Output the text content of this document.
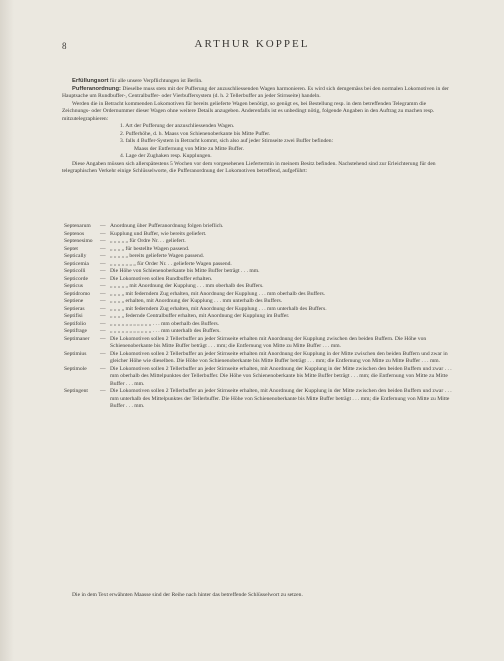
8	ARTHUR KOPPEL

Erfüllungsort für alle unsere Verpflichtungen ist Berlin.

Pufferanordnung: Dieselbe muss stets mit der Pufferung der anzuschliessenden Wagen harmonieren. Es wird sich demgemäss bei den normalen Lokomotiven in der Hauptsache um Rundbuffer-, Centralbuffer- oder Vierbuffersystem (d. h. 2 Tellerbuffer an jeder Stirnseite) handeln.

Werden die in Betracht kommenden Lokomotiven für bereits gelieferte Wagen benötigt, so genügt es, bei Bestellung resp. in dem betreffenden Telegramm die Zeichnungs- oder Ordernummer dieser Wagen ohne weitere Details anzugeben. Anderenfalls ist es unbedingt nötig, folgende Angaben in den Auftrag zu machen resp. mitzutelegraphieren:

1. Art der Pufferung der anzuschliessenden Wagen.

2. Pufferhöhe, d. h. Maass von Schienenoberkante bis Mitte Puffer.

3. falls 4 Buffer-System in Betracht kommt, sich also auf jeder Stirnseite zwei Buffer befinden:

Maass der Entfernung von Mitte zu Mitte Buffer.

4. Lage der Zughaken resp. Kupplungen.

Diese Angaben müssen sich allerspätestens 5 Wochen vor dem vorgesehenen Liefertermin in meinem Besitz befinden. Nachstehend sind zur Erleichterung für den telegraphischen Verkehr einige Schlüsselworte, die Pufferanordnung der Lokomotiven betreffend, aufgeführt:

Septenarum	— Anordnung über Pufferanordnung folgen brieflich.
Septenos	— Kupplung und Buffer, wie bereits geliefert.
Septenesimo	— „ „ „ „ „ für Ordre Nr. . . geliefert.
Septet	— „ „ „ „ für bestellte Wagen passend.
Septically	— „ „ „ „ „ bereits gelieferte Wagen passend.
Septicemia	— „ „ „ „ „ „ „ für Order Nr. . . gelieferte Wagen passend.
Septicolli	— Die Höhe von Schienenoberkante bis Mitte Buffer beträgt . . . mm.
Septicorde	— Die Lokomotiven sollen Rundbuffer erhalten.
Septicus	— „ „ „ „ „ mit Anordnung der Kupplung . . . mm oberhalb des Buffers.
Septidromo	— „ „ „ „ mit federndem Zug erhalten, mit Anordnung der Kupplung . . . mm oberhalb des Buffers.
Septiene	— „ „ „ „ erhalten, mit Anordnung der Kupplung . . . mm unterhalb des Buffers.
Septieras	— „ „ „ „ mit federndem Zug erhalten, mit Anordnung der Kupplung . . . mm unterhalb des Buffers.
Septifisi	— „ „ „ „ federnde Centralbuffer erhalten, mit Anordnung der Kupplung im Buffer.
Septifolio	— „ „ „ „ „ „ „ „ „ „ „ . . . mm oberhalb des Buffers.
Septifrage	— „ „ „ „ „ „ „ „ „ „ „ . . . mm unterhalb des Buffers.
Septimaner	— Die Lokomotiven sollen 2 Tellerbuffer an jeder Stirnseite erhalten mit Anordnung der Kupplung zwischen den beiden Buffern. Die Höhe von Schienenoberkante bis Mitte Buffer beträgt . . . mm; die Entfernung von Mitte zu Mitte Buffer . . . mm.
Septimius	— Die Lokomotiven sollen 2 Tellerbuffer an jeder Stirnseite erhalten mit Anordnung der Kupplung in der Mitte zwischen den beiden Buffern und zwar in gleicher Höhe wie dieselben. Die Höhe von Schienenoberkante bis Mitte Buffer beträgt . . . mm; die Entfernung von Mitte zu Mitte Buffer . . . mm.
Septimole	— Die Lokomotiven sollen 2 Tellerbuffer an jeder Stirnseite erhalten, mit Anordnung der Kupplung in der Mitte zwischen den beiden Buffern und zwar . . . mm oberhalb des Mittelpunktes der Tellerbuffer. Die Höhe von Schienenoberkante bis Mitte Buffer beträgt . . . mm; die Entfernung von Mitte zu Mitte Buffer . . . mm.
Septingent	— Die Lokomotiven sollen 2 Tellerbuffer an jeder Stirnseite erhalten, mit Anordnung der Kupplung in der Mitte zwischen den beiden Buffern und zwar . . . mm unterhalb des Mittelpunktes der Tellerbuffer. Die Höhe von Schienenoberkante bis Mitte Buffer beträgt . . . mm; die Entfernung von Mitte zu Mitte Buffer . . . mm.

Die in dem Text erwähnten Maasse sind der Reihe nach hinter das betreffende Schlüsselwort zu setzen.
